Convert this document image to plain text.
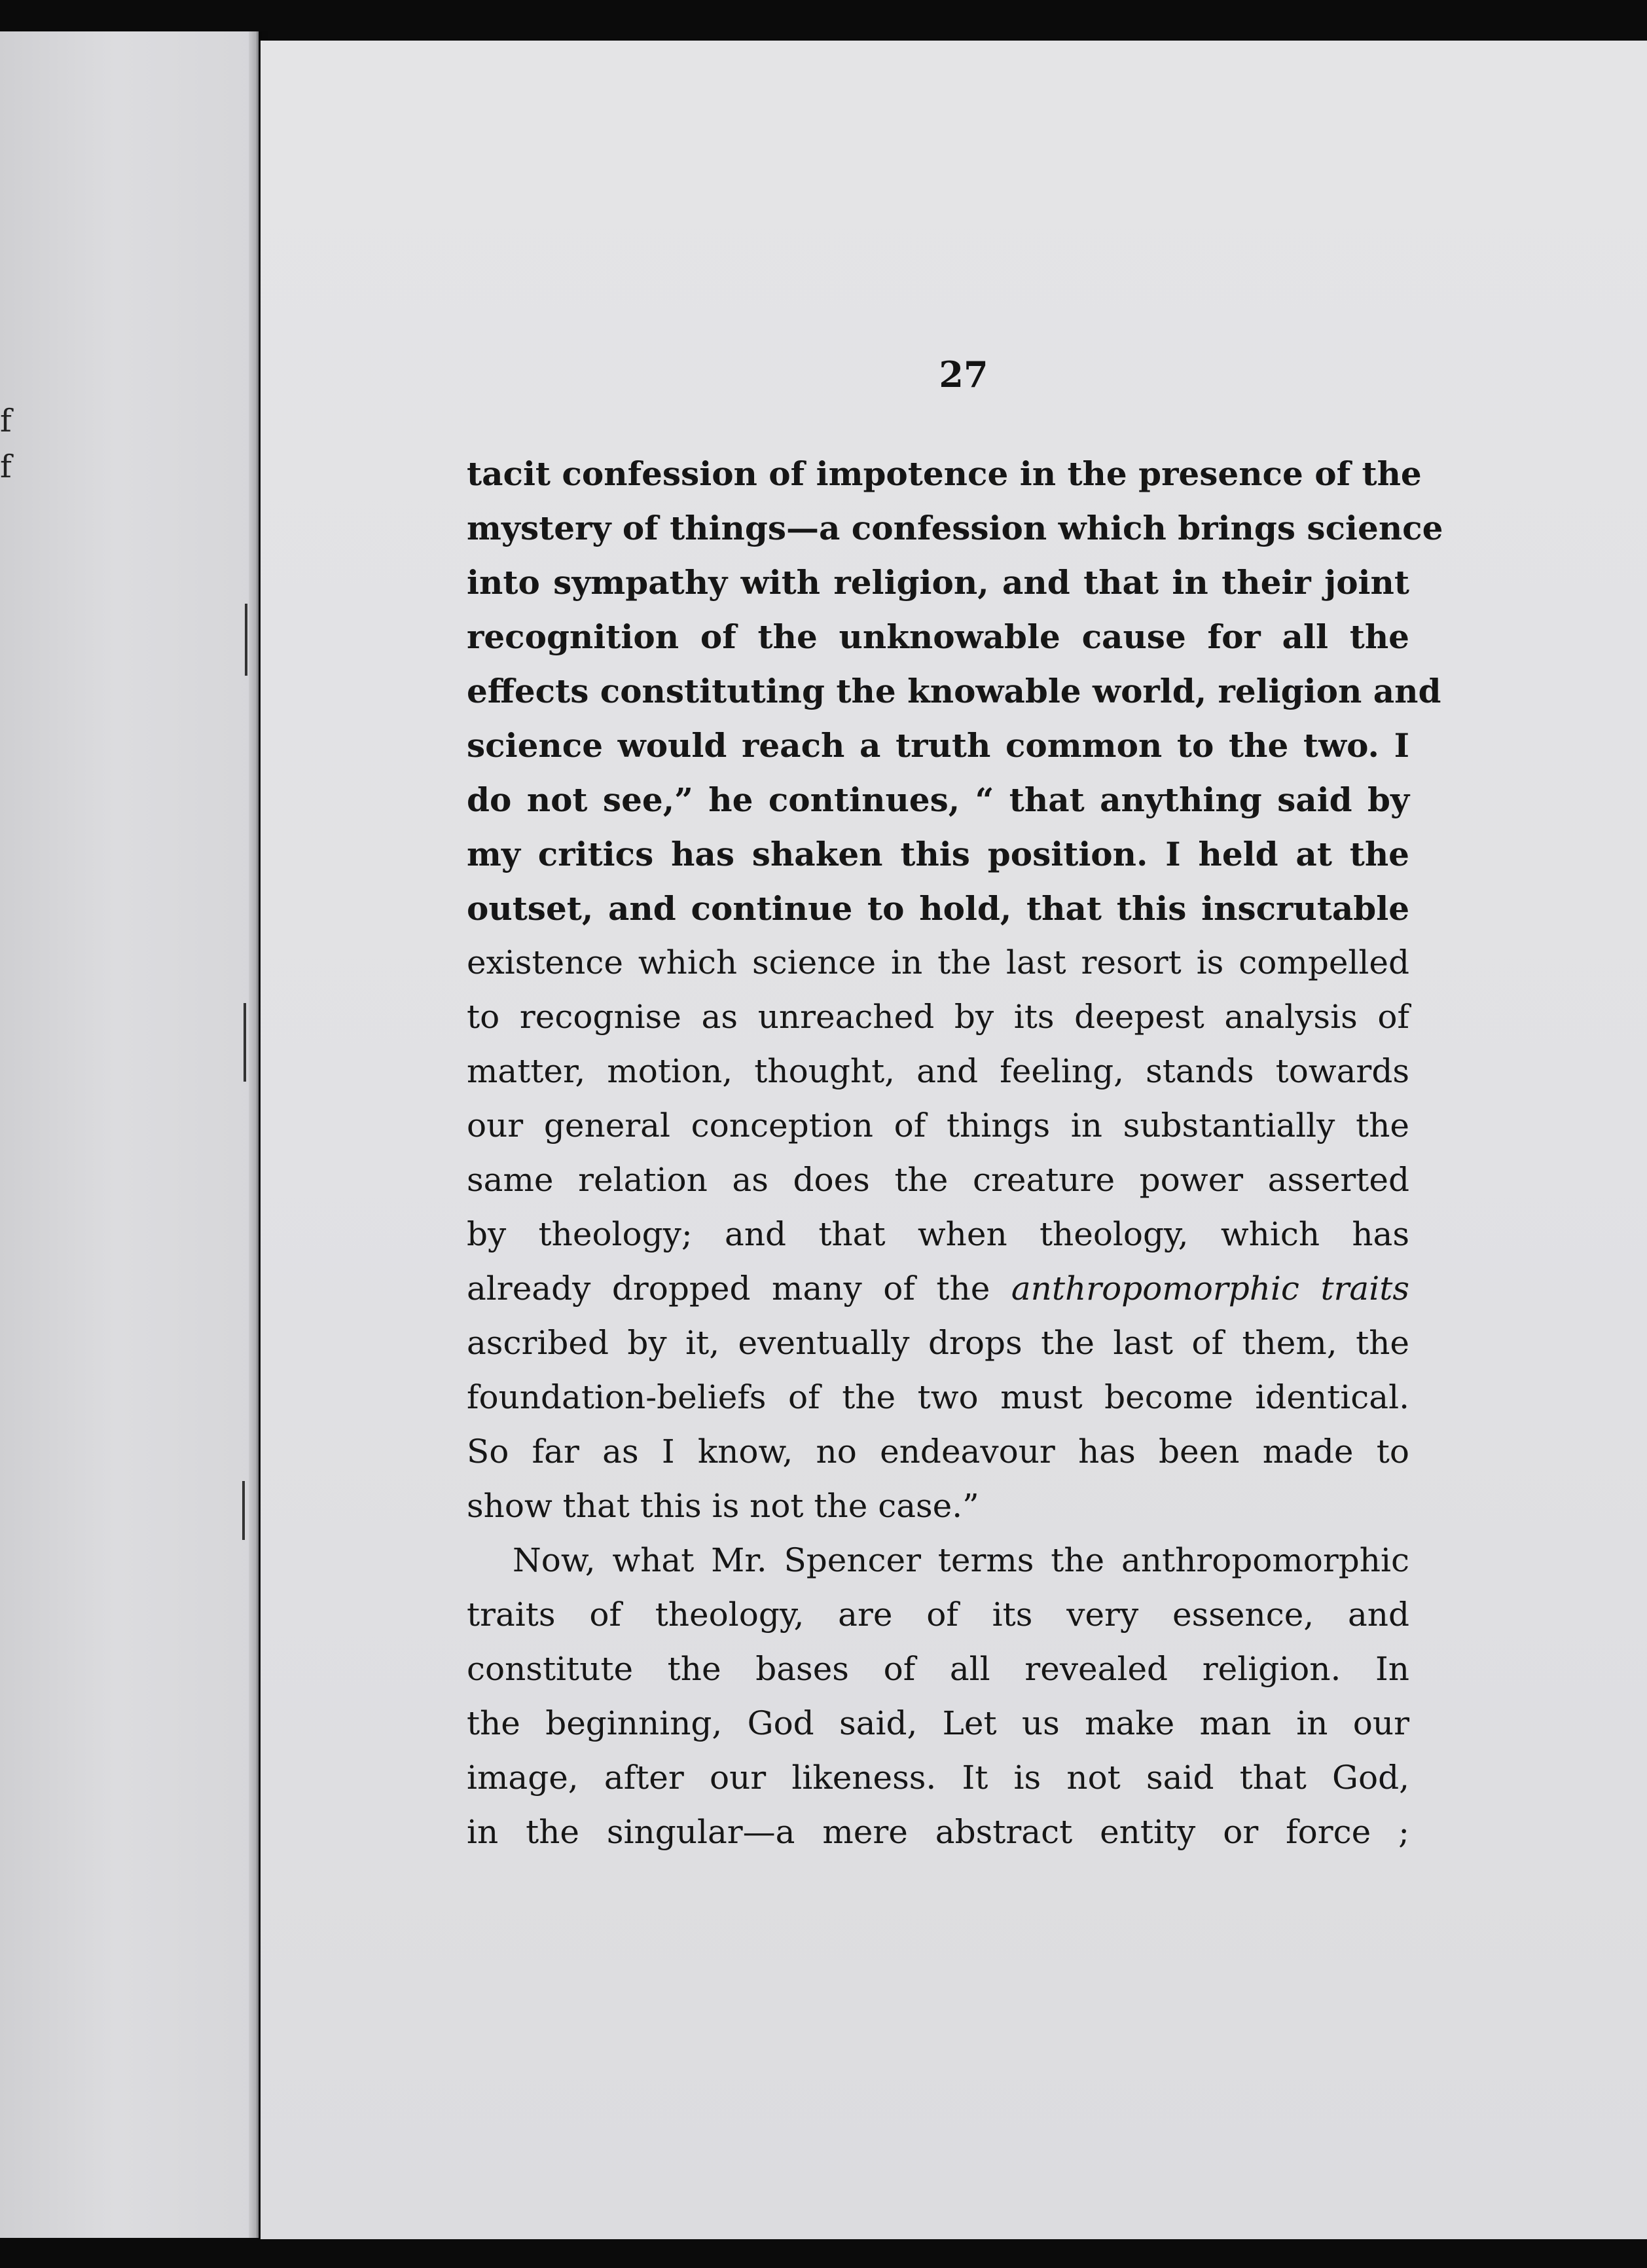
f
f
27
tacit confession of impotence in the presence of the
mystery of things—a confession which brings science
into sympathy with religion, and that in their joint
recognition of the unknowable cause for all the
effects constituting the knowable world, religion and
science would reach a truth common to the two. I
do not see,” he continues, “ that anything said by
my critics has shaken this position. I held at the
outset, and continue to hold, that this inscrutable
existence which science in the last resort is compelled
to recognise as unreached by its deepest analysis of
matter, motion, thought, and feeling, stands towards
our general conception of things in substantially the
same relation as does the creature power asserted
by theology; and that when theology, which has
already dropped many of the anthropomorphic traits
ascribed by it, eventually drops the last of them, the
foundation-beliefs of the two must become identical.
So far as I know, no endeavour has been made to
show that this is not the case.”
Now, what Mr. Spencer terms the anthropomorphic
traits of theology, are of its very essence, and
constitute the bases of all revealed religion. In
the beginning, God said, Let us make man in our
image, after our likeness. It is not said that God,
in the singular—a mere abstract entity or force ;
